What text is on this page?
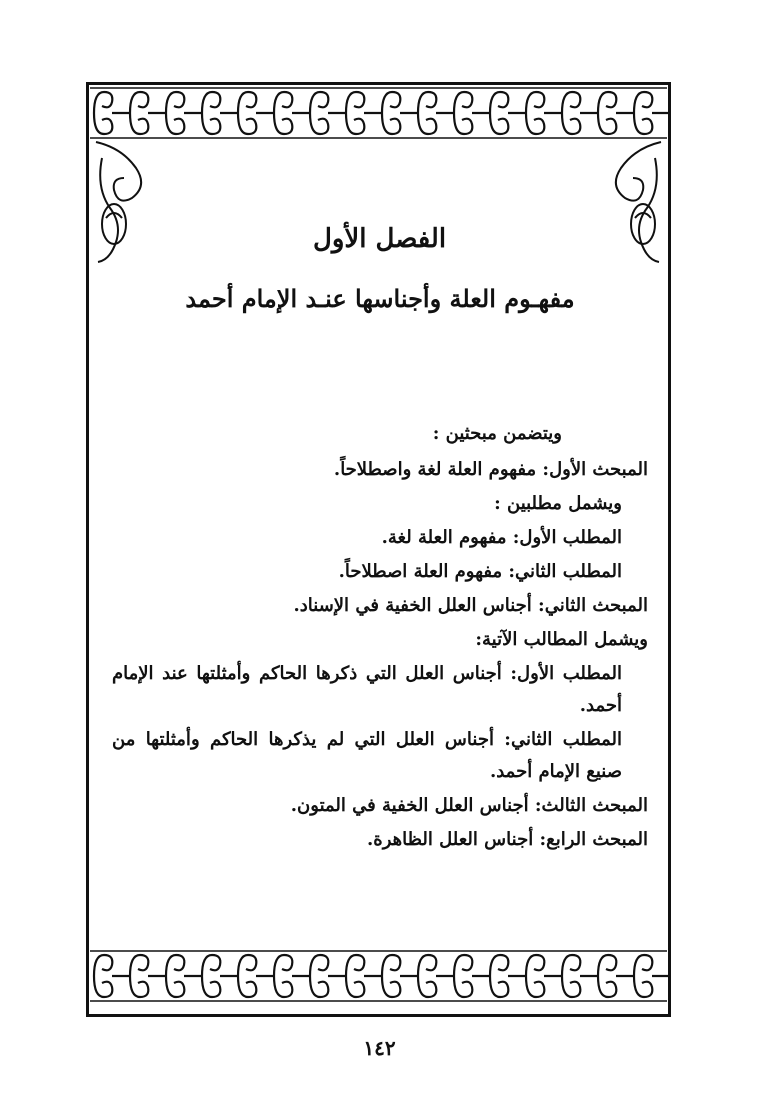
الفصل الأول
مفهـوم العلة وأجناسها عنـد الإمام أحمد
ويتضمن مبحثين :
المبحث الأول: مفهوم العلة لغة واصطلاحاً.
ويشمل مطلبين :
المطلب الأول: مفهوم العلة لغة.
المطلب الثاني: مفهوم العلة اصطلاحاً.
المبحث الثاني: أجناس العلل الخفية في الإسناد.
ويشمل المطالب الآتية:
المطلب الأول: أجناس العلل التي ذكرها الحاكم وأمثلتها عند الإمام أحمد.
المطلب الثاني: أجناس العلل التي لم يذكرها الحاكم وأمثلتها من صنيع الإمام أحمد.
المبحث الثالث: أجناس العلل الخفية في المتون.
المبحث الرابع: أجناس العلل الظاهرة.
١٤٢
